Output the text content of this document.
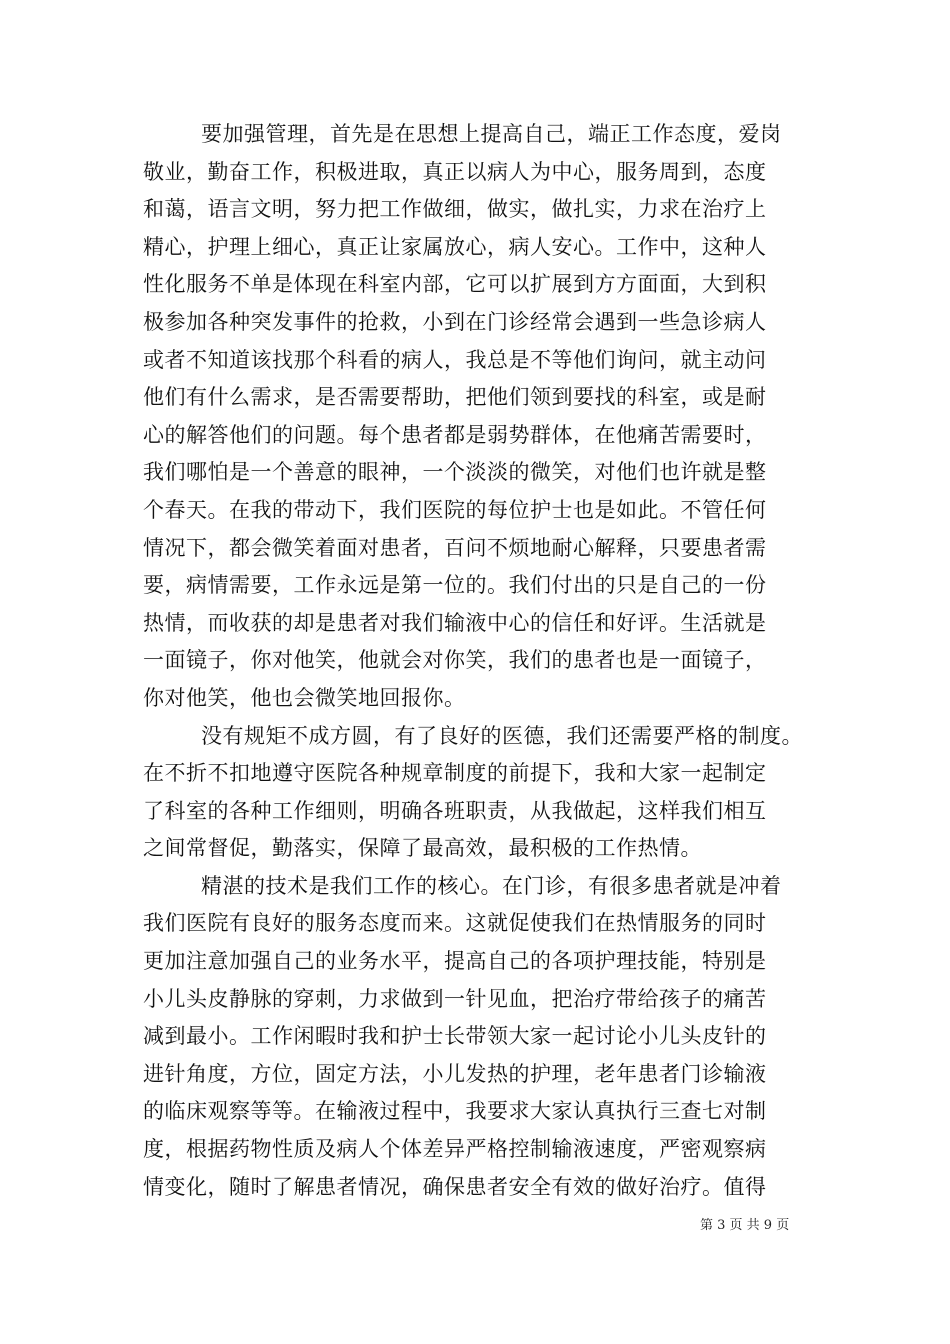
要加强管理，首先是在思想上提高自己，端正工作态度，爱岗
敬业，勤奋工作，积极进取，真正以病人为中心，服务周到，态度
和蔼，语言文明，努力把工作做细，做实，做扎实，力求在治疗上
精心，护理上细心，真正让家属放心，病人安心。工作中，这种人
性化服务不单是体现在科室内部，它可以扩展到方方面面，大到积
极参加各种突发事件的抢救，小到在门诊经常会遇到一些急诊病人
或者不知道该找那个科看的病人，我总是不等他们询问，就主动问
他们有什么需求，是否需要帮助，把他们领到要找的科室，或是耐
心的解答他们的问题。每个患者都是弱势群体，在他痛苦需要时，
我们哪怕是一个善意的眼神，一个淡淡的微笑，对他们也许就是整
个春天。在我的带动下，我们医院的每位护士也是如此。不管任何
情况下，都会微笑着面对患者，百问不烦地耐心解释，只要患者需
要，病情需要，工作永远是第一位的。我们付出的只是自己的一份
热情，而收获的却是患者对我们输液中心的信任和好评。生活就是
一面镜子，你对他笑，他就会对你笑，我们的患者也是一面镜子，
你对他笑，他也会微笑地回报你。
没有规矩不成方圆，有了良好的医德，我们还需要严格的制度。
在不折不扣地遵守医院各种规章制度的前提下，我和大家一起制定
了科室的各种工作细则，明确各班职责，从我做起，这样我们相互
之间常督促，勤落实，保障了最高效，最积极的工作热情。
精湛的技术是我们工作的核心。在门诊，有很多患者就是冲着
我们医院有良好的服务态度而来。这就促使我们在热情服务的同时
更加注意加强自己的业务水平，提高自己的各项护理技能，特别是
小儿头皮静脉的穿刺，力求做到一针见血，把治疗带给孩子的痛苦
减到最小。工作闲暇时我和护士长带领大家一起讨论小儿头皮针的
进针角度，方位，固定方法，小儿发热的护理，老年患者门诊输液
的临床观察等等。在输液过程中，我要求大家认真执行三查七对制
度，根据药物性质及病人个体差异严格控制输液速度，严密观察病
情变化，随时了解患者情况，确保患者安全有效的做好治疗。值得
第 3 页 共 9 页
